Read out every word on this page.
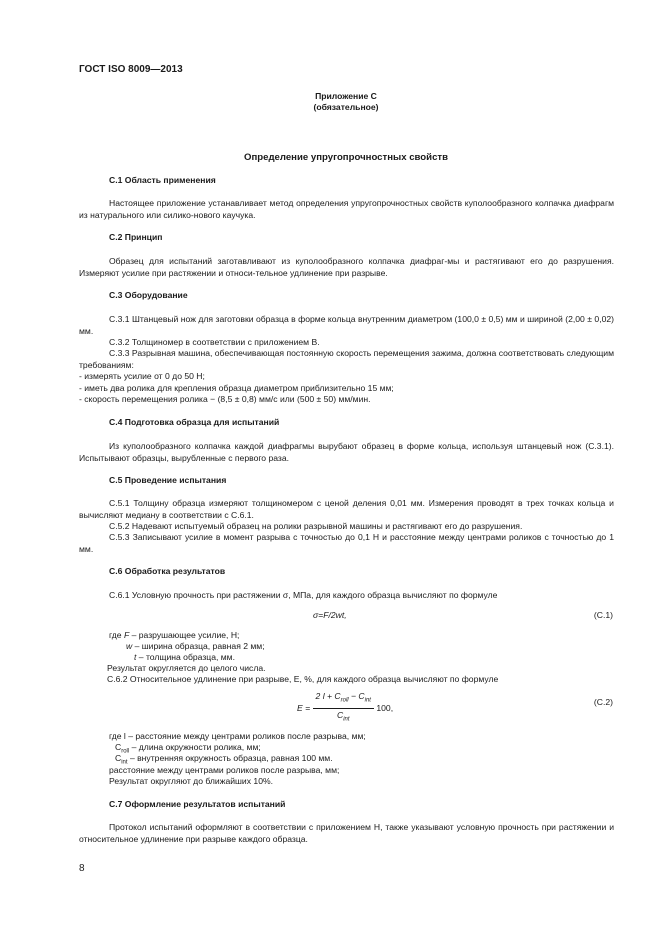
ГОСТ ISO 8009—2013
Приложение С
(обязательное)
Определение упругопрочностных свойств
С.1 Область применения
Настоящее приложение устанавливает метод определения упругопрочностных свойств куполообразного колпачка диафрагм из натурального или силико-нового каучука.
С.2 Принцип
Образец для испытаний заготавливают из куполообразного колпачка диафраг-мы и растягивают его до разрушения. Измеряют усилие при растяжении и относи-тельное удлинение при разрыве.
С.3 Оборудование
С.3.1 Штанцевый нож для заготовки образца в форме кольца внутренним диаметром (100,0 ± 0,5) мм и шириной (2,00 ± 0,02) мм.
С.3.2 Толщиномер в соответствии с приложением В.
С.3.3 Разрывная машина, обеспечивающая постоянную скорость перемещения зажима, должна соответствовать следующим требованиям:
- измерять усилие от 0 до 50 Н;
- иметь два ролика для крепления образца диаметром приблизительно 15 мм;
- скорость перемещения ролика − (8,5 ± 0,8) мм/с или (500 ± 50) мм/мин.
С.4 Подготовка образца для испытаний
Из куполообразного колпачка каждой диафрагмы вырубают образец в форме кольца, используя штанцевый нож (С.3.1). Испытывают образцы, вырубленные с первого раза.
С.5 Проведение испытания
С.5.1 Толщину образца измеряют толщиномером с ценой деления 0,01 мм. Измерения проводят в трех точках кольца и вычисляют медиану в соответствии с С.6.1.
С.5.2 Надевают испытуемый образец на ролики разрывной машины и растягивают его до разрушения.
С.5.3 Записывают усилие в момент разрыва с точностью до 0,1 Н и расстояние между центрами роликов с точностью до 1 мм.
С.6 Обработка результатов
С.6.1 Условную прочность при растяжении σ, МПа, для каждого образца вычисляют по формуле
σ=F/2wt,	(С.1)
где F – разрушающее усилие, Н;
w – ширина образца, равная 2 мм;
t – толщина образца, мм.
Результат округляется до целого числа.
С.6.2 Относительное удлинение при разрыве, Е, %, для каждого образца вычисляют по формуле
$E = \frac{2 l + C_{roll} - C_{int}}{C_{int}} 100$,
(С.2)
где l – расстояние между центрами роликов после разрыва, мм;
$C_{roll}$ – длина окружности ролика, мм;
$C_{int}$ – внутренняя окружность образца, равная 100 мм.
расстояние между центрами роликов после разрыва, мм;
Результат округляют до ближайших 10%.
С.7 Оформление результатов испытаний
Протокол испытаний оформляют в соответствии с приложением Н, также указывают условную прочность при растяжении и относительное удлинение при разрыве каждого образца.
8
